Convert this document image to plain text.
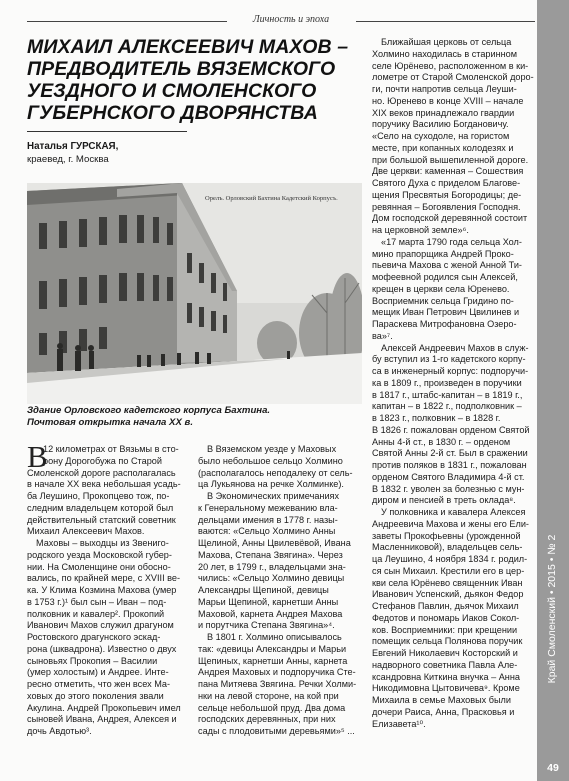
Личность и эпоха
МИХАИЛ АЛЕКСЕЕВИЧ МАХОВ –
ПРЕДВОДИТЕЛЬ ВЯЗЕМСКОГО
УЕЗДНОГО И СМОЛЕНСКОГО
ГУБЕРНСКОГО ДВОРЯНСТВА
Наталья ГУРСКАЯ,
краевед, г. Москва
Орелъ. Орловский Бахтина Кадетский Корпусъ.
Здание Орловского кадетского корпуса Бахтина.
Почтовая открытка начала ХХ в.
В
12 километрах от Вязьмы в сто-
рону Дорогобужа по Старой
Смоленской дороге располагалась
в начале ХХ века небольшая усадь-
ба Леушино, Прокопцево тож, по-
следним владельцем которой был
действительный статский советник
Михаил Алексеевич Махов.
Маховы – выходцы из Звениго-
родского уезда Московской губер-
нии. На Смоленщине они обосно-
вались, по крайней мере, с XVIII ве-
ка. У Клима Козмина Махова (умер
в 1753 г.)¹ был сын – Иван – под-
полковник и кавалер². Прокопий
Иванович Махов служил драгуном
Ростовского драгунского эскад-
рона (шквадрона). Известно о двух
сыновьях Прокопия – Василии
(умер холостым) и Андрее. Инте-
ресно отметить, что жен всех Ма-
ховых до этого поколения звали
Акулина. Андрей Прокопьевич имел
сыновей Ивана, Андрея, Алексея и
дочь Авдотью³.
В Вяземском уезде у Маховых
было небольшое сельцо Холмино
(располагалось неподалеку от сель-
ца Лукьянова на речке Холминке).
В Экономических примечаниях
к Генеральному межеванию вла-
дельцами имения в 1778 г. назы-
ваются: «Сельцо Холмино Анны
Щелиной, Анны Цвилевёвой, Ивана
Махова, Степана Звягина». Через
20 лет, в 1799 г., владельцами зна-
чились: «Сельцо Холмино девицы
Александры Щепиной, девицы
Марьи Щепиной, карнетши Анны
Маховой, карнета Андрея Махова
и порутчика Степана Звягина»⁴.
В 1801 г. Холмино описывалось
так: «девицы Александры и Марьи
Щепиных, карнетши Анны, карнета
Андрея Маховых и подпоручика Сте-
пана Митяева Звягина. Речки Холми-
нки на левой стороне, на кой при
сельце небольшой пруд. Два дома
господских деревянных, при них
сады с плодовитыми деревьями»⁵ ...
Ближайшая церковь от сельца
Холмино находилась в старинном
селе Юрёнево, расположенном в ки-
лометре от Старой Смоленской доро-
ги, почти напротив сельца Леуши-
но. Юренево в конце XVIII – начале
XIX веков принадлежало гвардии
поручику Василию Богдановичу.
«Село на суходоле, на гористом
месте, при копанных колодезях и
при большой вышепиленной дороге.
Две церкви: каменная – Сошествия
Святого Духа с приделом Благове-
щения Пресвятыя Богородицы; де-
ревянная – Богоявления Господня.
Дом господской деревянной состоит
на церковной земле»⁶.
«17 марта 1790 года сельца Хол-
мино прапорщика Андрей Проко-
пьевича Махова с женой Анной Ти-
мофеевной родился сын Алексей,
крещен в церкви села Юренево.
Восприемник сельца Гридино по-
мещик Иван Петрович Цвилинев и
Параскева Митрофановна Озеро-
ва»⁷.
Алексей Андреевич Махов в служ-
бу вступил из 1-го кадетского корпу-
са в инженерный корпус: подпоручи-
ка в 1809 г., произведен в поручики
в 1817 г., штабс-капитан – в 1819 г.,
капитан – в 1822 г., подполковник –
в 1823 г., полковник – в 1828 г.
В 1826 г. пожалован орденом Святой
Анны 4-й ст., в 1830 г. – орденом
Святой Анны 2-й ст. Был в сражении
против поляков в 1831 г., пожалован
орденом Святого Владимира 4-й ст.
В 1832 г. уволен за болезнью с мун-
диром и пенсией в треть оклада⁸.
У полковника и кавалера Алексея
Андреевича Махова и жены его Ели-
заветы Прокофьевны (урожденной
Масленниковой), владельцев сель-
ца Леушино, 4 ноября 1834 г. родил-
ся сын Михаил. Крестили его в цер-
кви села Юрёнево священник Иван
Иванович Успенский, дьякон Федор
Стефанов Павлин, дьячок Михаил
Федотов и пономарь Иаков Сокол-
ков. Восприемники: при крещении
помещик сельца Полянова поручик
Евгений Николаевич Косторский и
надворного советника Павла Але-
ксандровна Киткина внучка – Анна
Никодимовна Цытовичева⁹. Кроме
Михаила в семье Маховых были
дочери Раиса, Анна, Прасковья и
Елизавета¹⁰.
Край Смоленский • 2015 • № 2
49
